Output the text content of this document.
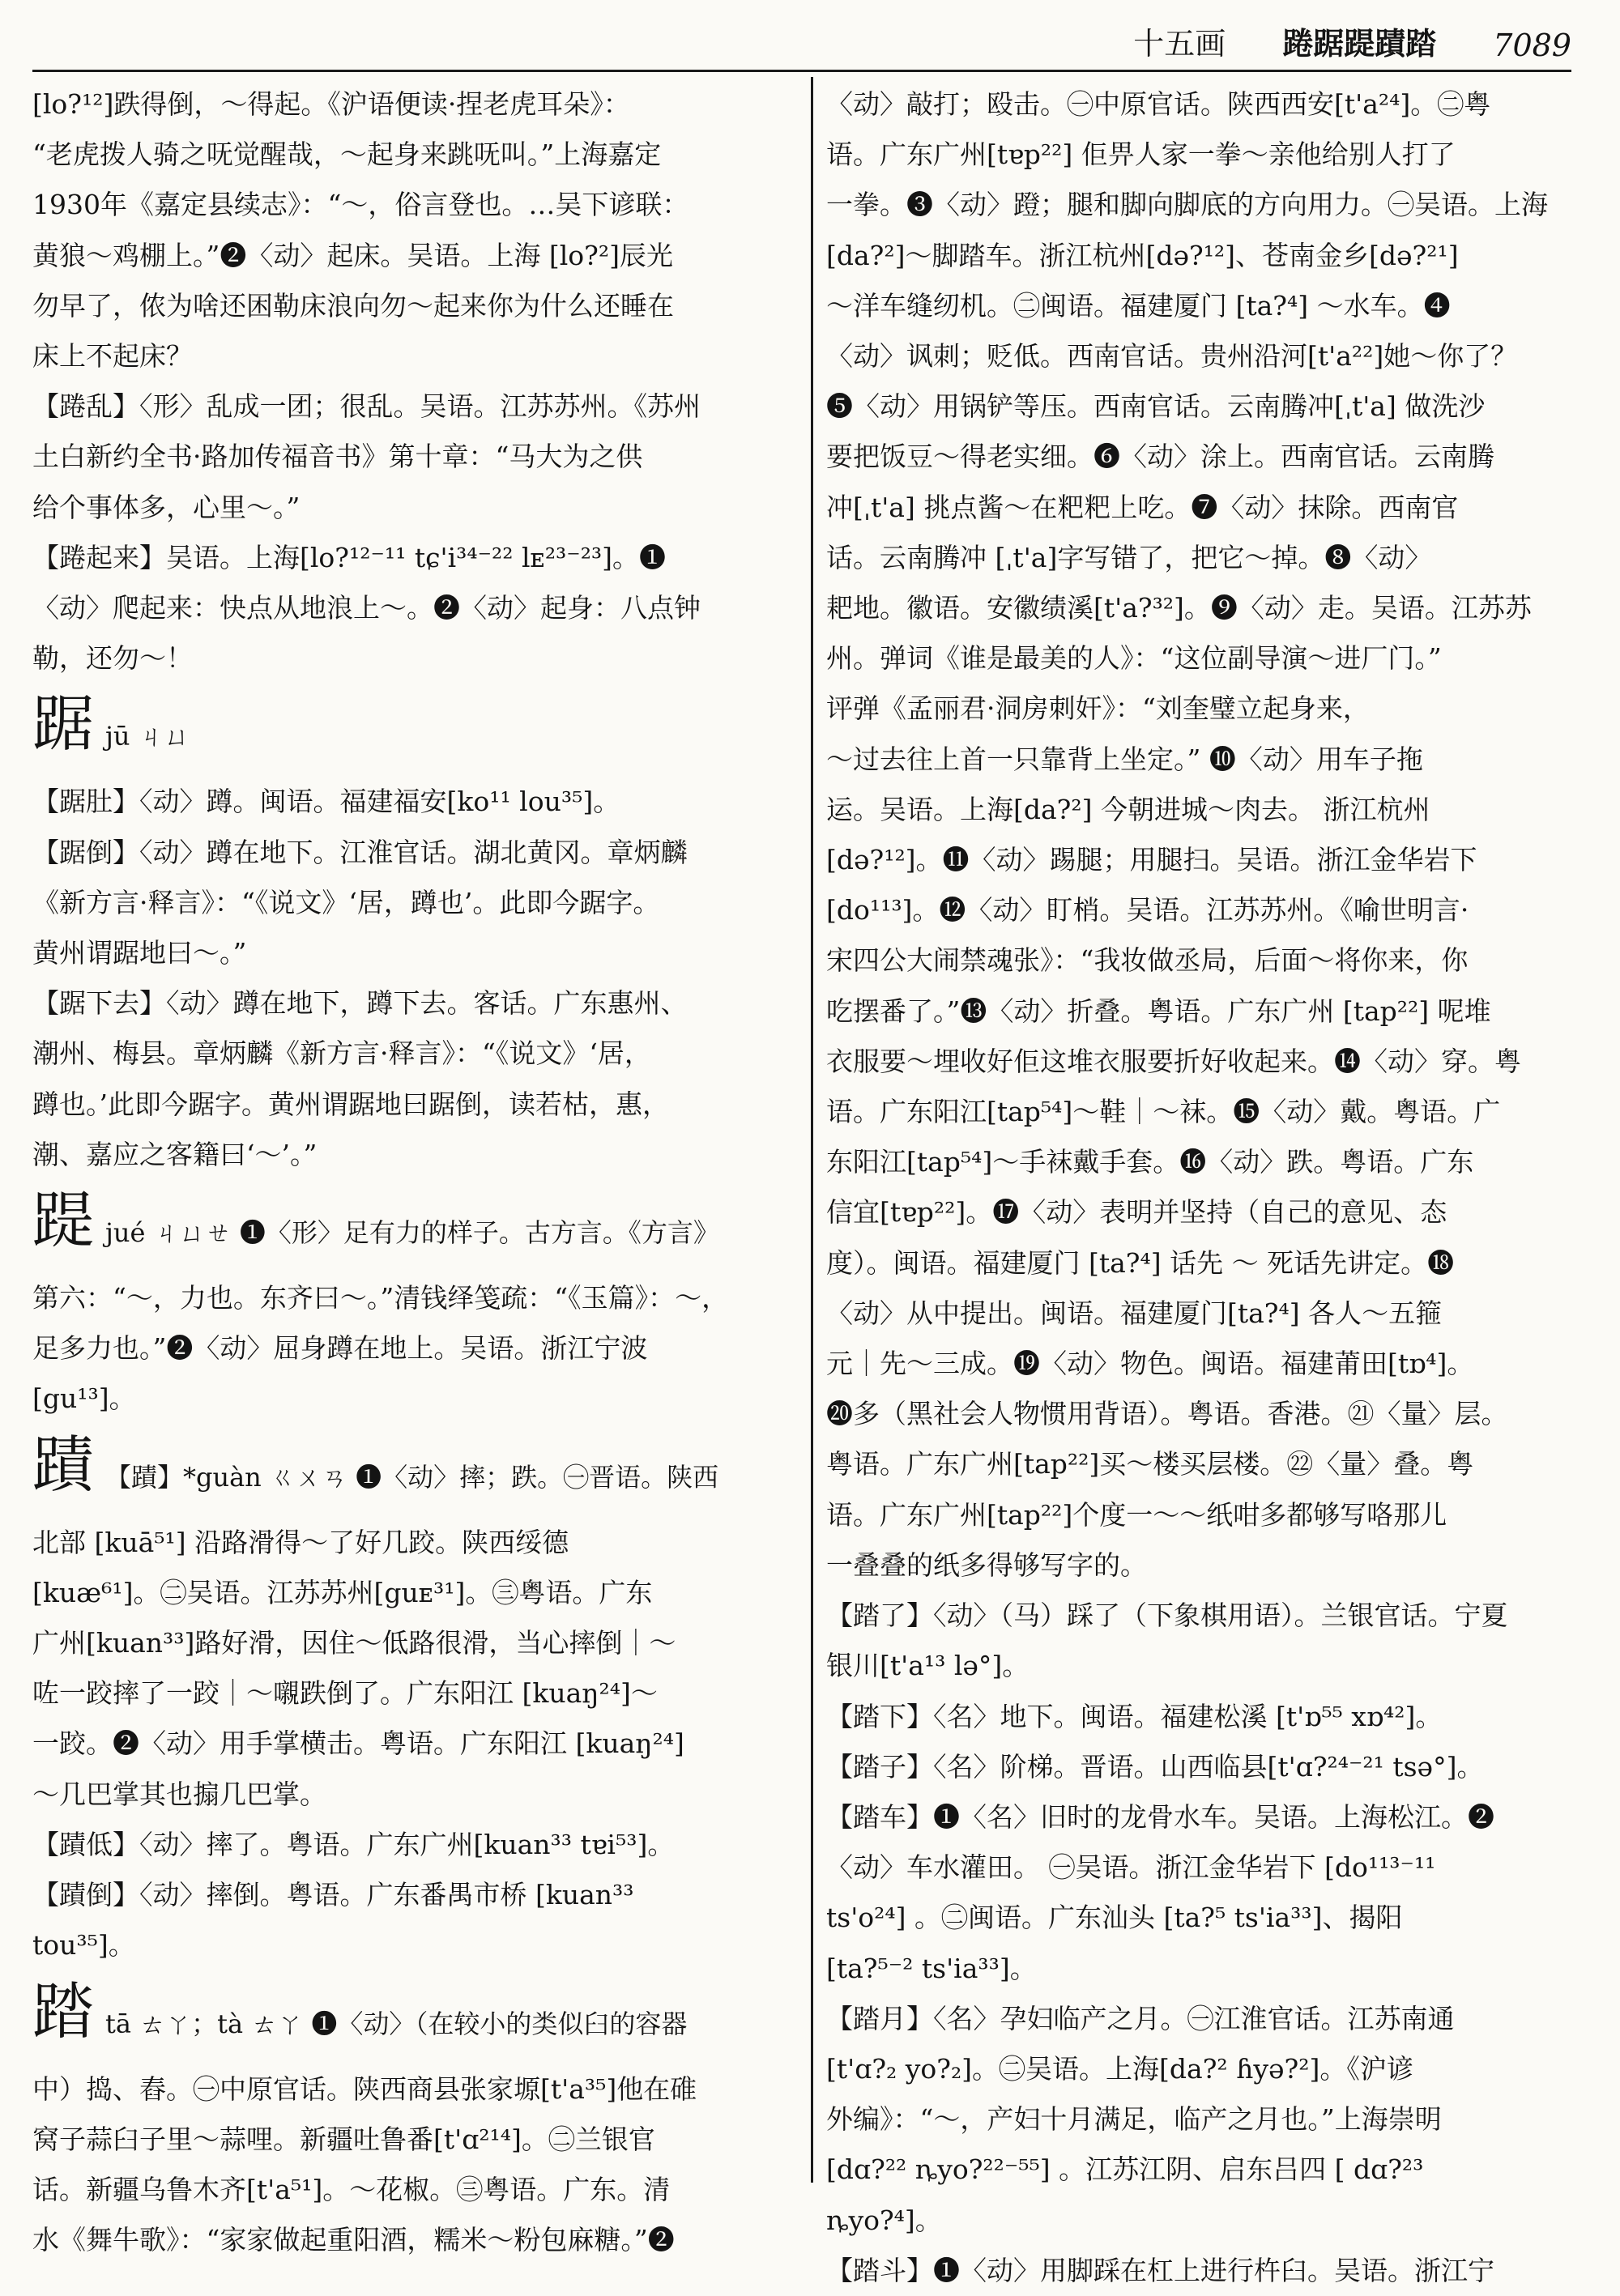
十五画 踡踞踶蹟踏 7089
[lo?¹²]跌得倒，～得起。《沪语便读·捏老虎耳朵》：
“老虎拨人骑之呒觉醒哉，～起身来跳呒叫。”上海嘉定
1930年《嘉定县续志》：“～，俗言登也。…吴下谚联：
黄狼～鸡棚上。”❷〈动〉起床。吴语。上海 [lo?²]辰光
勿早了，侬为啥还困勒床浪向勿～起来你为什么还睡在
床上不起床？
【踡乱】〈形〉乱成一团；很乱。吴语。江苏苏州。《苏州
土白新约全书·路加传福音书》第十章：“马大为之供
给个事体多，心里～。”
【踡起来】吴语。上海[lo?¹²⁻¹¹ tɕ'i³⁴⁻²² lᴇ²³⁻²³]。❶
〈动〉爬起来：快点从地浪上～。❷〈动〉起身：八点钟
勒，还勿～！
踞jū ㄐㄩ
【踞肚】〈动〉蹲。闽语。福建福安[ko¹¹ lou³⁵]。
【踞倒】〈动〉蹲在地下。江淮官话。湖北黄冈。章炳麟
《新方言·释言》：“《说文》‘居，蹲也’。此即今踞字。
黄州谓踞地曰～。”
【踞下去】〈动〉蹲在地下，蹲下去。客话。广东惠州、
潮州、梅县。章炳麟《新方言·释言》：“《说文》‘居，
蹲也。’此即今踞字。黄州谓踞地曰踞倒，读若枯，惠，
潮、嘉应之客籍曰‘～’。”
踶jué ㄐㄩㄝ ❶〈形〉足有力的样子。古方言。《方言》
第六：“～，力也。东齐曰～。”清钱绎笺疏：“《玉篇》：～，
足多力也。”❷〈动〉屈身蹲在地上。吴语。浙江宁波
[gu¹³]。
蹟 【蹟】*guàn ㄍㄨㄢ ❶〈动〉摔；跌。㊀晋语。陕西
北部 [kuā⁵¹] 沿路滑得～了好几跤。陕西绥德
[kuæ⁶¹]。㊁吴语。江苏苏州[guᴇ³¹]。㊂粤语。广东
广州[kuan³³]路好滑，因住～低路很滑，当心摔倒｜～
咗一跤摔了一跤｜～嚫跌倒了。广东阳江 [kuaŋ²⁴]～
一跤。❷〈动〉用手掌横击。粤语。广东阳江 [kuaŋ²⁴]
～几巴掌其也搧几巴掌。
【蹟低】〈动〉摔了。粤语。广东广州[kuan³³ tɐi⁵³]。
【蹟倒】〈动〉摔倒。粤语。广东番禺市桥 [kuan³³
tou³⁵]。
踏tā ㄊㄚ；tà ㄊㄚ ❶〈动〉（在较小的类似臼的容器
中）捣、舂。㊀中原官话。陕西商县张家塬[t'a³⁵]他在碓
窝子蒜臼子里～蒜哩。新疆吐鲁番[t'ɑ²¹⁴]。㊁兰银官
话。新疆乌鲁木齐[t'a⁵¹]。～花椒。㊂粤语。广东。清
水《舞牛歌》：“家家做起重阳酒，糯米～粉包麻糖。”❷
〈动〉敲打；殴击。㊀中原官话。陕西西安[t'a²⁴]。㊁粤
语。广东广州[tɐp²²] 佢畀人家一拳～亲他给别人打了
一拳。❸〈动〉蹬；腿和脚向脚底的方向用力。㊀吴语。上海
[da?²]～脚踏车。浙江杭州[də?¹²]、苍南金乡[də?²¹]
～洋车缝纫机。㊁闽语。福建厦门 [ta?⁴] ～水车。❹
〈动〉讽刺；贬低。西南官话。贵州沿河[t'a²²]她～你了？
❺〈动〉用锅铲等压。西南官话。云南腾冲[ˌt'a] 做洗沙
要把饭豆～得老实细。❻〈动〉涂上。西南官话。云南腾
冲[ˌt'a] 挑点酱～在粑粑上吃。❼〈动〉抹除。西南官
话。云南腾冲 [ˌt'a]字写错了，把它～掉。❽〈动〉
耙地。徽语。安徽绩溪[t'a?³²]。❾〈动〉走。吴语。江苏苏
州。弹词《谁是最美的人》：“这位副导演～进厂门。”
评弹《孟丽君·洞房刺奸》：“刘奎璧立起身来，
～过去往上首一只靠背上坐定。” ❿〈动〉用车子拖
运。吴语。上海[da?²] 今朝进城～肉去。 浙江杭州
[də?¹²]。⓫〈动〉踢腿；用腿扫。吴语。浙江金华岩下
[do¹¹³]。⓬〈动〉盯梢。吴语。江苏苏州。《喻世明言·
宋四公大闹禁魂张》：“我妆做丞局，后面～将你来，你
吃摆番了。”⓭〈动〉折叠。粤语。广东广州 [tap²²] 呢堆
衣服要～埋收好佢这堆衣服要折好收起来。⓮〈动〉穿。粤
语。广东阳江[tap⁵⁴]～鞋｜～袜。⓯〈动〉戴。粤语。广
东阳江[tap⁵⁴]～手袜戴手套。⓰〈动〉跌。粤语。广东
信宜[tɐp²²]。⓱〈动〉表明并坚持（自己的意见、态
度）。闽语。福建厦门 [ta?⁴] 话先 ～ 死话先讲定。⓲
〈动〉从中提出。闽语。福建厦门[ta?⁴] 各人～五箍
元｜先～三成。⓳〈动〉物色。闽语。福建莆田[tɒ⁴]。
⓴多（黑社会人物惯用背语）。粤语。香港。㉑〈量〉层。
粤语。广东广州[tap²²]买～楼买层楼。㉒〈量〉叠。粤
语。广东广州[tap²²]个度一～～纸咁多都够写咯那儿
一叠叠的纸多得够写字的。
【踏了】〈动〉（马）踩了（下象棋用语）。兰银官话。宁夏
银川[t'a¹³ lə°]。
【踏下】〈名〉地下。闽语。福建松溪 [t'ɒ⁵⁵ xɒ⁴²]。
【踏子】〈名〉阶梯。晋语。山西临县[t'ɑ?²⁴⁻²¹ tsə°]。
【踏车】❶〈名〉旧时的龙骨水车。吴语。上海松江。❷
〈动〉车水灌田。 ㊀吴语。浙江金华岩下 [do¹¹³⁻¹¹
ts'o²⁴] 。㊁闽语。广东汕头 [ta?⁵ ts'ia³³]、揭阳
[ta?⁵⁻² ts'ia³³]。
【踏月】〈名〉孕妇临产之月。㊀江淮官话。江苏南通
[t'ɑ?₂ yo?₂]。㊁吴语。上海[da?² ɦyə?²]。《沪谚
外编》：“～，产妇十月满足，临产之月也。”上海崇明
[dɑ?²² ȵyo?²²⁻⁵⁵] 。江苏江阴、启东吕四 [ dɑ?²³
ȵyo?⁴]。
【踏斗】❶〈动〉用脚踩在杠上进行杵臼。吴语。浙江宁
